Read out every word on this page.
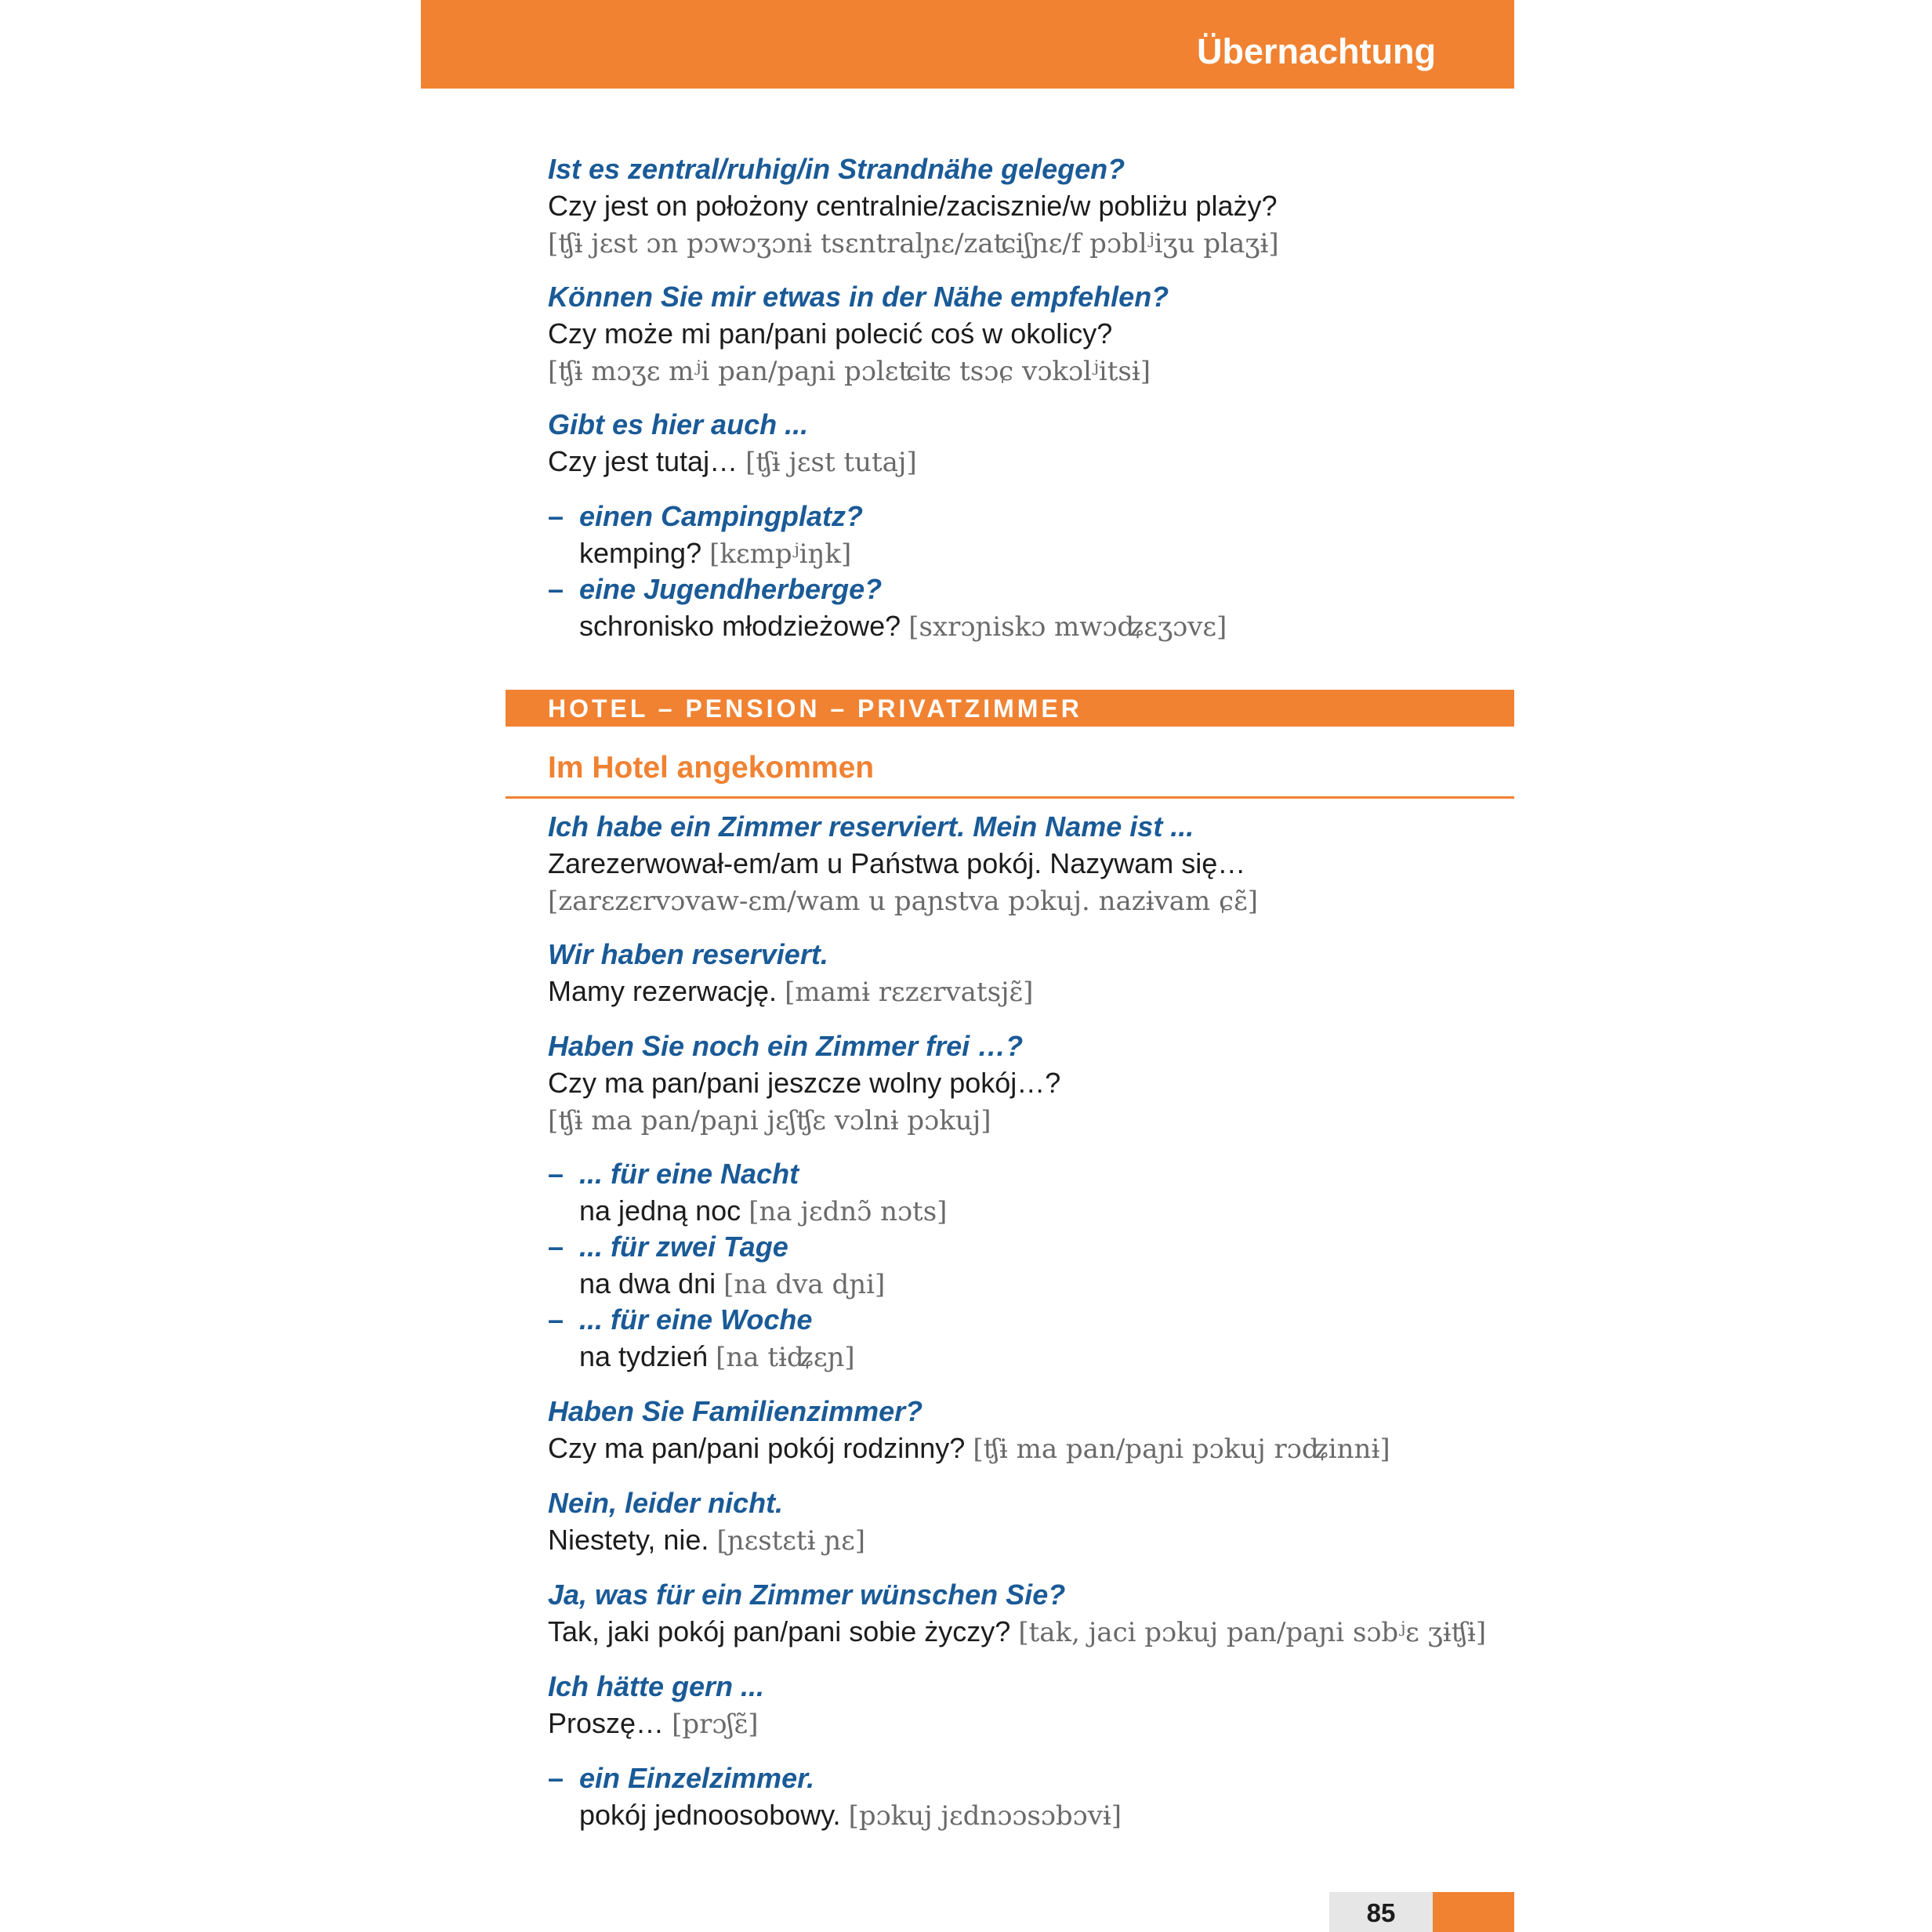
Übernachtung
Ist es zentral/ruhig/in Strandnähe gelegen?
Czy jest on położony centralnie/zacisznie/w pobliżu plaży?
[ʧɨ jɛst ɔn pɔwɔʒɔnɨ tsɛntralɲɛ/zaʨiʃɲɛ/f pɔblʲiʒu plaʒɨ]
Können Sie mir etwas in der Nähe empfehlen?
Czy może mi pan/pani polecić coś w okolicy?
[ʧɨ mɔʒɛ mʲi pan/paɲi pɔlɛʨiʨ tsɔɕ vɔkɔlʲitsɨ]
Gibt es hier auch ...
Czy jest tutaj… [ʧɨ jɛst tutaj]
– einen Campingplatz?
kemping? [kɛmpʲiŋk]
– eine Jugendherberge?
schronisko młodzieżowe? [sxrɔɲiskɔ mwɔʥɛʒɔvɛ]
HOTEL – PENSION – PRIVATZIMMER
Im Hotel angekommen
Ich habe ein Zimmer reserviert. Mein Name ist ...
Zarezerwował-em/am u Państwa pokój. Nazywam się…
[zarɛzɛrvɔvaw-ɛm/wam u paɲstva pɔkuj. nazɨvam ɕɛ̃]
Wir haben reserviert.
Mamy rezerwację. [mamɨ rɛzɛrvatsjɛ̃]
Haben Sie noch ein Zimmer frei …?
Czy ma pan/pani jeszcze wolny pokój…?
[ʧɨ ma pan/paɲi jɛʃʧɛ vɔlnɨ pɔkuj]
– ... für eine Nacht
na jedną noc [na jɛdnɔ̃ nɔts]
– ... für zwei Tage
na dwa dni [na dva dɲi]
– ... für eine Woche
na tydzień [na tɨʥɛɲ]
Haben Sie Familienzimmer?
Czy ma pan/pani pokój rodzinny? [ʧɨ ma pan/paɲi pɔkuj rɔʥinnɨ]
Nein, leider nicht.
Niestety, nie. [ɲɛstɛtɨ ɲɛ]
Ja, was für ein Zimmer wünschen Sie?
Tak, jaki pokój pan/pani sobie życzy? [tak, jaci pɔkuj pan/paɲi sɔbʲɛ ʒɨʧɨ]
Ich hätte gern ...
Proszę… [prɔʃɛ̃]
– ein Einzelzimmer.
pokój jednoosobowy. [pɔkuj jɛdnɔɔsɔbɔvɨ]
85
